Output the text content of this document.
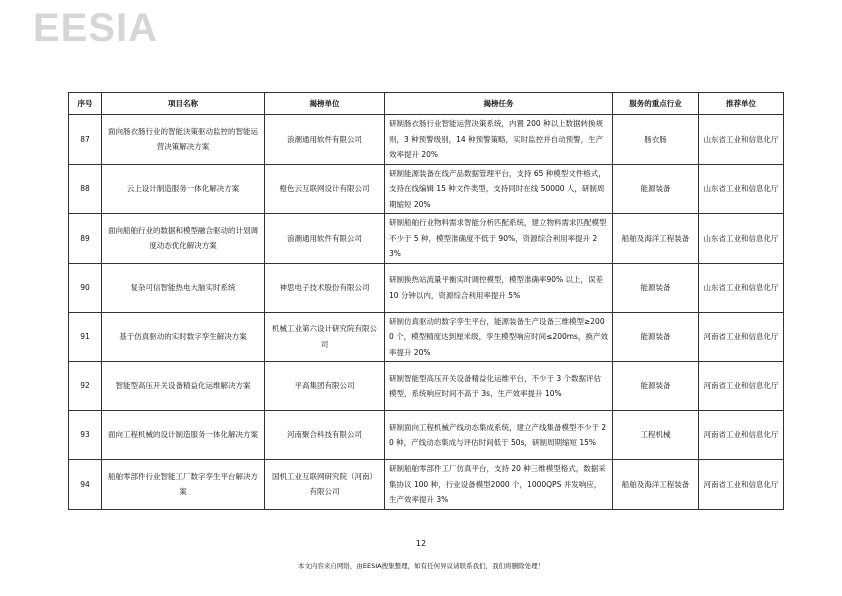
EESIA
序号	项目名称	揭榜单位	揭榜任务	服务的重点行业	推荐单位
87	面向肠衣肠行业的智能決策驱动监控的智能运营决策解决方案	浪潮通用软件有限公司	研制肠衣肠行业智能运营决策系统，内置 200 种以上数据转换规则，3 种预警级别，14 种预警策略，实时监控并自动预警，生产效率提升 20%	肠衣肠	山东省工业和信息化厅
88	云上设计制造服务一体化解决方案	橙色云互联网设计有限公司	研制能源装备在线产品数据管理平台，支持 65 种模型文件格式，支持在线编辑 15 种文件类型，支持同时在线 50000 人，研制周期缩短 20%	能源装备	山东省工业和信息化厅
89	面向船舶行业的数据和模型融合驱动的计划调度动态优化解决方案	浪潮通用软件有限公司	研制船舶行业物料需求智能分析匹配系统，建立物料需求匹配模型不少于 5 种，模型准确度不低于 90%，资源综合利用率提升 23%	船舶及海洋工程装备	山东省工业和信息化厅
90	复杂可信智能热电大脑实时系统	神思电子技术股份有限公司	研制换热站流量平衡实时调控模型，模型准确率90% 以上，误差 10 分钟以内，资源综合利用率提升 5%	能源装备	山东省工业和信息化厅
91	基于仿真驱动的实时数字孪生解决方案	机械工业第六设计研究院有限公司	研制仿真驱动的数字孪生平台，能源装备生产设备三维模型≥2000 个，模型精度达到厘米级，孪生模型响应时间≤200ms，换产效率提升 20%	能源装备	河南省工业和信息化厅
92	智能型高压开关设备精益化运维解决方案	平高集团有限公司	研制智能型高压开关设备精益化运维平台，不少于 3 个数据评估模型，系统响应时间不高于 3s，生产效率提升 10%	能源装备	河南省工业和信息化厅
93	面向工程机械的设计制造服务一体化解决方案	河南聚合科技有限公司	研制面向工程机械产线动态集成系统，建立产线集备模型不少于 20 种，产线动态集成与评估时间低于 50s，研制周期缩短 15%	工程机械	河南省工业和信息化厅
94	船舶零部件行业智能工厂数字孪生平台解决方案	国机工业互联网研究院（河南）有限公司	研制船舶零部件工厂仿真平台，支持 20 种三维模型格式，数据采集协议 100 种，行业设备模型2000 个，1000QPS 并发响应，生产效率提升 3%	船舶及海洋工程装备	河南省工业和信息化厅
12
本文内容来自网络，由EESIA搜集整理，如有任何异议请联系我们，我们将删除处理！
